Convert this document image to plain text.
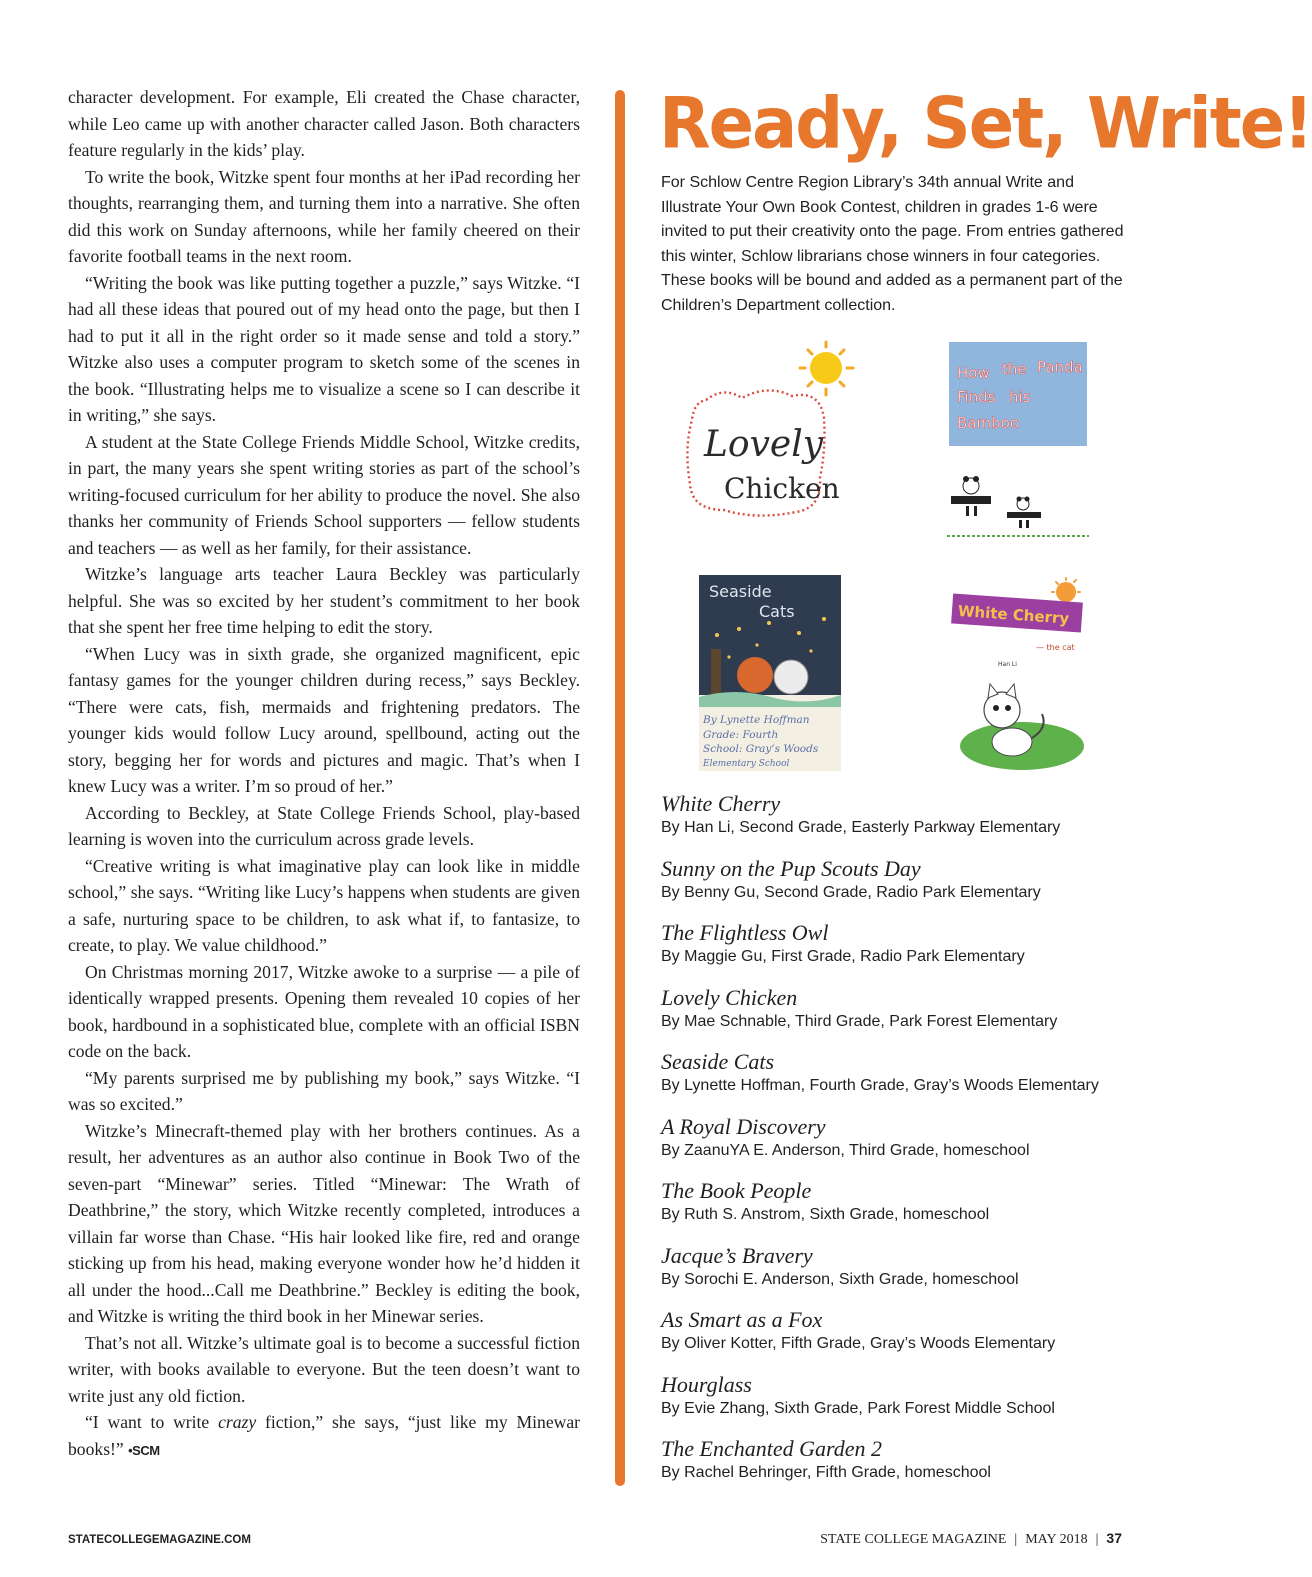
character development. For example, Eli created the Chase character, while Leo came up with another character called Jason. Both characters feature regularly in the kids’ play.

To write the book, Witzke spent four months at her iPad recording her thoughts, rearranging them, and turning them into a narrative. She often did this work on Sunday afternoons, while her family cheered on their favorite football teams in the next room.

“Writing the book was like putting together a puzzle,” says Witzke. “I had all these ideas that poured out of my head onto the page, but then I had to put it all in the right order so it made sense and told a story.” Witzke also uses a computer program to sketch some of the scenes in the book. “Illustrating helps me to visualize a scene so I can describe it in writing,” she says.

A student at the State College Friends Middle School, Witzke credits, in part, the many years she spent writing stories as part of the school’s writing-focused curriculum for her ability to produce the novel. She also thanks her community of Friends School supporters — fellow students and teachers — as well as her family, for their assistance.

Witzke’s language arts teacher Laura Beckley was particularly helpful. She was so excited by her student’s commitment to her book that she spent her free time helping to edit the story.

“When Lucy was in sixth grade, she organized magnificent, epic fantasy games for the younger children during recess,” says Beckley. “There were cats, fish, mermaids and frightening predators. The younger kids would follow Lucy around, spellbound, acting out the story, begging her for words and pictures and magic. That’s when I knew Lucy was a writer. I’m so proud of her.”

According to Beckley, at State College Friends School, play-based learning is woven into the curriculum across grade levels.

“Creative writing is what imaginative play can look like in middle school,” she says. “Writing like Lucy’s happens when students are given a safe, nurturing space to be children, to ask what if, to fantasize, to create, to play. We value childhood.”

On Christmas morning 2017, Witzke awoke to a surprise — a pile of identically wrapped presents. Opening them revealed 10 copies of her book, hardbound in a sophisticated blue, complete with an official ISBN code on the back.

“My parents surprised me by publishing my book,” says Witzke. “I was so excited.”

Witzke’s Minecraft-themed play with her brothers continues. As a result, her adventures as an author also continue in Book Two of the seven-part “Minewar” series. Titled “Minewar: The Wrath of Deathbrine,” the story, which Witzke recently completed, introduces a villain far worse than Chase. “His hair looked like fire, red and orange sticking up from his head, making everyone wonder how he’d hidden it all under the hood...Call me Deathbrine.” Beckley is editing the book, and Witzke is writing the third book in her Minewar series.

That’s not all. Witzke’s ultimate goal is to become a successful fiction writer, with books available to everyone. But the teen doesn’t want to write just any old fiction.

“I want to write crazy fiction,” she says, “just like my Minewar books!” •SCM

Ready, Set, Write!
For Schlow Centre Region Library’s 34th annual Write and Illustrate Your Own Book Contest, children in grades 1-6 were invited to put their creativity onto the page. From entries gathered this winter, Schlow librarians chose winners in four categories. These books will be bound and added as a permanent part of the Children’s Department collection.
Lovely
Chicken
How the Panda
Finds his
Bamboo
Seaside
Cats
By Lynette Hoffman
Grade: Fourth
School: Gray’s Woods
Elementary School
White Cherry
— the cat
Han Li
White Cherry
By Han Li, Second Grade, Easterly Parkway Elementary
Sunny on the Pup Scouts Day
By Benny Gu, Second Grade, Radio Park Elementary
The Flightless Owl
By Maggie Gu, First Grade, Radio Park Elementary
Lovely Chicken
By Mae Schnable, Third Grade, Park Forest Elementary
Seaside Cats
By Lynette Hoffman, Fourth Grade, Gray’s Woods Elementary
A Royal Discovery
By ZaanuYA E. Anderson, Third Grade, homeschool
The Book People
By Ruth S. Anstrom, Sixth Grade, homeschool
Jacque’s Bravery
By Sorochi E. Anderson, Sixth Grade, homeschool
As Smart as a Fox
By Oliver Kotter, Fifth Grade, Gray’s Woods Elementary
Hourglass
By Evie Zhang, Sixth Grade, Park Forest Middle School
The Enchanted Garden 2
By Rachel Behringer, Fifth Grade, homeschool
STATECOLLEGEMAGAZINE.COM	STATE COLLEGE MAGAZINE | MAY 2018 | 37
